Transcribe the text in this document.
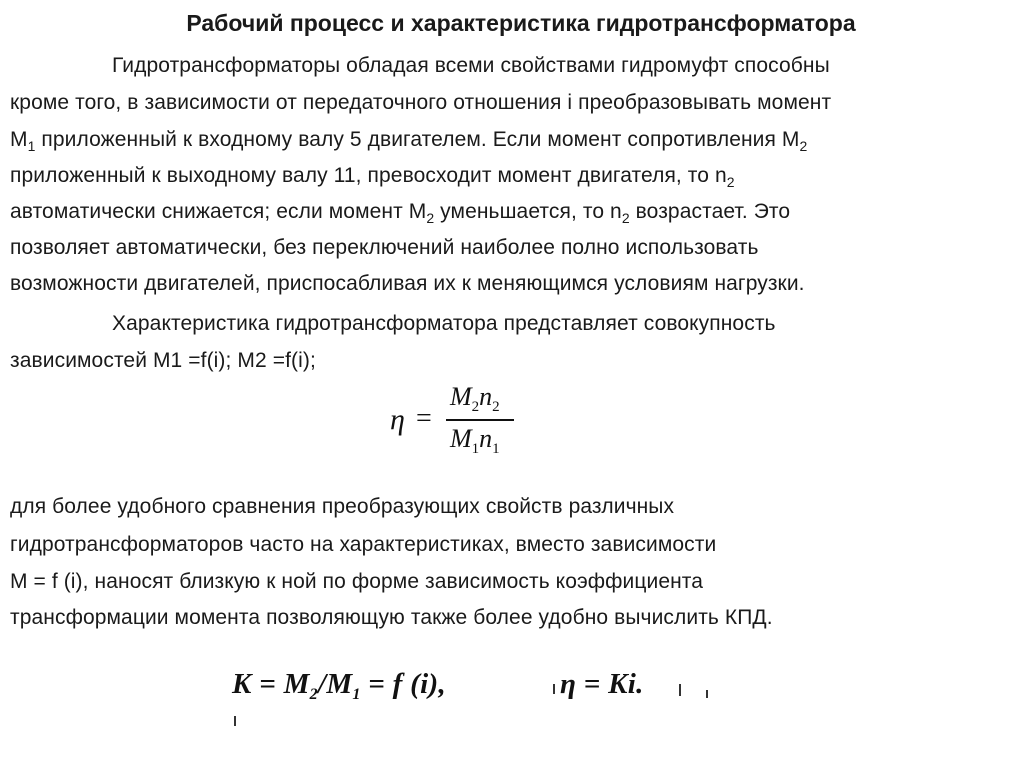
Рабочий процесс и характеристика гидротрансформатора
Гидротрансформаторы обладая всеми свойствами гидромуфт способны
кроме того, в зависимости от передаточного отношения i преобразовывать момент
$М_1$ приложенный к входному валу 5 двигателем. Если момент сопротивления $М_2$
приложенный к выходному валу 11, превосходит момент двигателя, то $n_2$
автоматически снижается; если момент $М_2$ уменьшается, то $n_2$ возрастает. Это
позволяет автоматически, без переключений наиболее полно использовать
возможности двигателей, приспосабливая их к меняющимся условиям нагрузки.
Характеристика гидротрансформатора представляет совокупность
зависимостей М1 =f(i); М2 =f(i);
η =
$M_2n_2$
$M_1n_1$
для более удобного сравнения преобразующих свойств различных
гидротрансформаторов часто на характеристиках, вместо зависимости
М = f (i), наносят близкую к ной по форме зависимость коэффициента
трансформации момента позволяющую также более удобно вычислить КПД.
$K = M_2/M_1 = f$ (i),	η = Ki.
